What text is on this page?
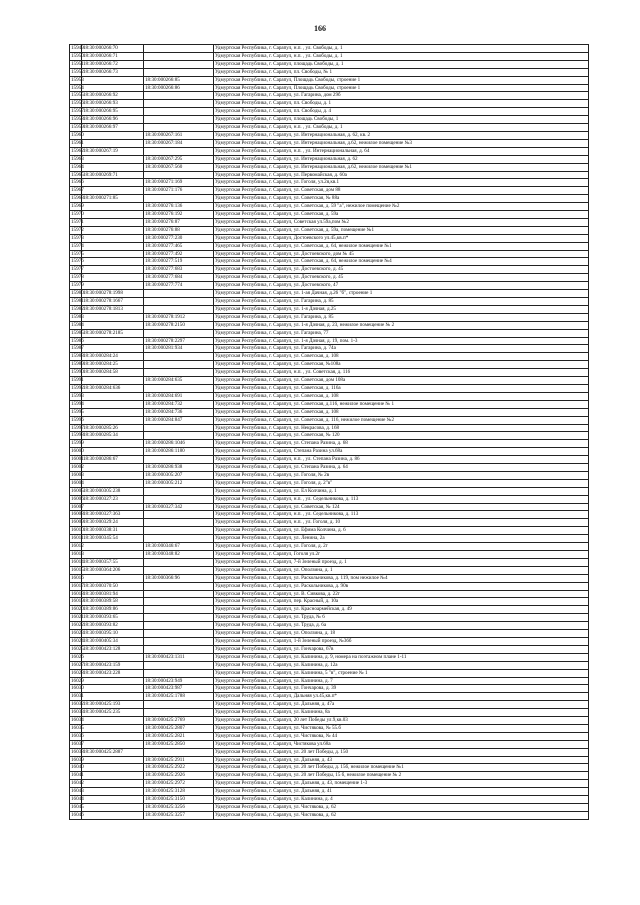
166
15949	18:30:000266:70		Удмуртская Республика, г. Сарапул, н.п. , ул. Свободы, д. 1
15950	18:30:000266:71		Удмуртская Республика, г. Сарапул, н.п. , ул. Свободы, д. 1
15951	18:30:000266:72		Удмуртская Республика, г. Сарапул, площадь Свободы, д. 1
15952	18:30:000266:73		Удмуртская Республика, г. Сарапул, пл. Свободы, № 1
15953		18:30:000266:85	Удмуртская Республика, г. Сарапул, Площадь Свободы, строение 1
15954		18:30:000266:86	Удмуртская Республика, г. Сарапул, Площадь Свободы, строение 1
15955	18:30:000266:92		Удмуртская Республика, г. Сарапул, ул. Гагарина, дом 29б
15956	18:30:000266:93		Удмуртская Республика, г. Сарапул, пл. Свободы, д. 1
15957	18:30:000266:95		Удмуртская Республика, г. Сарапул, пл. Свободы, д. 4
15958	18:30:000266:96		Удмуртская Республика, г. Сарапул, площадь Свободы, 1
15959	18:30:000266:97		Удмуртская Республика, г. Сарапул, н.п. , ул. Свободы, д. 1
15960		18:30:000267:161	Удмуртская Республика, г. Сарапул, ул. Интернациональная, д. 62, кв. 2
15961		18:30:000267:184	Удмуртская Республика, г. Сарапул, ул. Интернациональная, д.62, нежилое помещение №3
15962	18:30:000267:19		Удмуртская Республика, г. Сарапул, н.п. , ул. Интернациональная, д. 64
15963		18:30:000267:295	Удмуртская Республика, г. Сарапул, ул. Интернациональная, д. 62
15964		18:30:000267:560	Удмуртская Республика, г. Сарапул, ул. Интернациональная, д.62, нежилое помещение №1
15965	18:30:000269:71		Удмуртская Республика, г. Сарапул, ул. Первомайская, д. 60а
15966		18:30:000271:169	Удмуртская Республика, г. Сарапул, ул. Гоголя, ул.2я,кв.1
15967		18:30:000271:176	Удмуртская Республика, г. Сарапул, ул. Советская, дом 88
15968	18:30:000271:85		Удмуртская Республика, г. Сарапул, ул. Советская, № 88а
15969		18:30:000276:136	Удмуртская Республика, г. Сарапул, ул. Советская, д. 59 "а", нежилое помещение №2
15970		18:30:000276:192	Удмуртская Республика, г. Сарапул, ул. Советская, д. 59а
15971		18:30:000276:87	Удмуртская Республика, г. Сарапул, Советская ул.59а,пом №2
15972		18:30:000276:88	Удмуртская Республика, г. Сарапул, ул. Советская, д. 59а, помещение №1
15973		18:30:000277:230	Удмуртская Республика, г. Сарапул, Достоевского ул.45,кв.п*
15974		18:30:000277:465	Удмуртская Республика, г. Сарапул, ул. Советская, д. 64, нежилое помещение №1
15975		18:30:000277:492	Удмуртская Республика, г. Сарапул, ул. Достоевского, дом № 45
15976		18:30:000277:519	Удмуртская Республика, г. Сарапул, ул. Советская, д. 64, нежилое помещение №4
15977		18:30:000277:683	Удмуртская Республика, г. Сарапул, ул. Достоевского, д. 45
15978		18:30:000277:684	Удмуртская Республика, г. Сарапул, ул. Достоевского, д. 45
15979		18:30:000277:774	Удмуртская Республика, г. Сарапул, ул. Достоевского, 47
15980	18:30:000278:1998		Удмуртская Республика, г. Сарапул, ул. 1-ая Дачная, д.26 "б", строение 1
15981	18:30:000278:1667		Удмуртская Республика, г. Сарапул, ул. Гагарина, д. 85
15982	18:30:000278:1813		Удмуртская Республика, г. Сарапул, ул. 1-я Дачная, д.25
15983		18:30:000278:1912	Удмуртская Республика, г. Сарапул, ул. Гагарина, д. 85
15984		18:30:000278:2150	Удмуртская Республика, г. Сарапул, ул. 1-я Дачная, д. 23, нежилое помещение № 2
15985	18:30:000278:2185		Удмуртская Республика, г. Сарапул, ул. Гагарина, 77
15986		18:30:000278:2297	Удмуртская Республика, г. Сарапул, ул. 1-я Дачная, д. 19, пом. 1-3
15987		18:30:000281:934	Удмуртская Республика, г. Сарапул, ул. Гагарина, д. 74а
15988	18:30:000284:24		Удмуртская Республика, г. Сарапул, ул. Советская, д. 108
15989	18:30:000284:25		Удмуртская Республика, г. Сарапул, ул. Советская, №108а
15990	18:30:000284:58		Удмуртская Республика, г. Сарапул, н.п. , ул. Советская, д. 116
15991		18:30:000284:635	Удмуртская Республика, г. Сарапул, ул. Советская, дом 108а
15992	18:30:000284:636		Удмуртская Республика, г. Сарапул, ул. Советская, д. 116а
15993		18:30:000284:691	Удмуртская Республика, г. Сарапул, ул. Советская, д. 108
15994		18:30:000284:732	Удмуртская Республика, г. Сарапул, ул. Советская, д.116, нежилое помещение № 1
15995		18:30:000284:736	Удмуртская Республика, г. Сарапул, ул. Советская, д. 108
15996		18:30:000284:847	Удмуртская Республика, г. Сарапул, ул. Советская, д. 116, нежилое помещение №2
15997	18:30:000285:26		Удмуртская Республика, г. Сарапул, ул. Некрасова, д. 168
15998	18:30:000285:34		Удмуртская Республика, г. Сарапул, ул. Советская, № 120
15999		18:30:000286:1046	Удмуртская Республика, г. Сарапул, ул. Степана Разина, д. 68
16000		18:30:000286:1180	Удмуртская Республика, г. Сарапул, Степана Разина ул.68а
16001	18:30:000286:67		Удмуртская Республика, г. Сарапул, н.п. , ул. Степана Разина, д. 86
16002		18:30:000286:938	Удмуртская Республика, г. Сарапул, ул. Степана Разина, д. 64
16003		18:30:000305:207	Удмуртская Республика, г. Сарапул, ул. Гоголя, № 2в
16004		18:30:000305:212	Удмуртская Республика, г. Сарапул, ул. Гоголя, д. 2"в"
16005	18:30:000305:238		Удмуртская Республика, г. Сарапул, ул. Ел Колчина, д. 1
16006	18:30:000327:23		Удмуртская Республика, г. Сарапул, н.п. , ул. Седельникова, д. 113
16007		18:30:000327:342	Удмуртская Республика, г. Сарапул, ул. Советская, № 124
16008	18:30:000327:363		Удмуртская Республика, г. Сарапул, н.п. , ул. Седельникова, д. 113
16009	18:30:000329:24		Удмуртская Республика, г. Сарапул, н.п. , ул. Гоголя, д. 10
16010	18:30:000338:31		Удмуртская Республика, г. Сарапул, ул. Ефима Колчина, д. 6
16011	18:30:000345:54		Удмуртская Республика, г. Сарапул, ул. Ленина, 2а
16012		18:30:000346:67	Удмуртская Республика, г. Сарапул, ул. Гоголя, д. 2г
16013		18:30:000348:82	Удмуртская Республика, г. Сарапул, Гоголя ул.2г
16014	18:30:000357:55		Удмуртская Республика, г. Сарапул, 7-й Зеленый проезд, д. 1
16015	18:30:000364:206		Удмуртская Республика, г. Сарапул, ул. Оползина, д. 1
16016		18:30:000366:96	Удмуртская Республика, г. Сарапул, ул. Раскольникова, д. 119, пом нежилое №4
16017	18:30:000370:50		Удмуртская Республика, г. Сарапул, ул. Раскольникова, д. 90в
16018	18:30:000381:94		Удмуртская Республика, г. Сарапул, ул. В. Сивкова, д. 22г
16019	18:30:000389:58		Удмуртская Республика, г. Сарапул, пер. Красный, д. 10а
16020	18:30:000389:86		Удмуртская Республика, г. Сарапул, ул. Красноармейская, д. 49
16021	18:30:000393:65		Удмуртская Республика, г. Сарапул, ул. Труда, № 6
16022	18:30:000393:82		Удмуртская Республика, г. Сарапул, ул. Труда, д. 6а
16023	18:30:000395:10		Удмуртская Республика, г. Сарапул, ул. Оползина, д. 18
16024	18:30:000405:34		Удмуртская Республика, г. Сарапул, 1-й Зеленый проезд, №36б
16025	18:30:000423:128		Удмуртская Республика, г. Сарапул, ул. Гончарова, 67в
16026		18:30:000423:1311	Удмуртская Республика, г. Сарапул, ул. Калинина, д. 9, номера на поэтажном плане 1-11
16027	18:30:000423:159		Удмуртская Республика, г. Сарапул, ул. Калинина, д. 12а
16028	18:30:000423:228		Удмуртская Республика, г. Сарапул, ул. Калинина, 5 "в", строение № 1
16029		18:30:000423:949	Удмуртская Республика, г. Сарапул, ул. Калинина, д. 7
16030		18:30:000423:987	Удмуртская Республика, г. Сарапул, ул. Гончарова, д. 39
16031		18:30:000425:1788	Удмуртская Республика, г. Сарапул, Дальняя ул.45,кв.п*
16032	18:30:000425:193		Удмуртская Республика, г. Сарапул, ул. Дальняя, д. 47а
16033	18:30:000425:235		Удмуртская Республика, г. Сарапул, ул. Калинина, 8а
16034		18:30:000425:2769	Удмуртская Республика, г. Сарапул, 20 лет Победы ул.9,кв.03
16035		18:30:000425:2807	Удмуртская Республика, г. Сарапул, ул. Чистякова, № 55.б
16036		18:30:000425:2821	Удмуртская Республика, г. Сарапул, ул. Чистякова, № 44
16037		18:30:000425:2850	Удмуртская Республика, г. Сарапул, Чистякова ул.68а
16038	18:30:000425:2887		Удмуртская Республика, г. Сарапул, ул. 20 лет Победы, д. 150
16039		18:30:000425:2911	Удмуртская Республика, г. Сарапул, ул. Дальняя, д. 43
16040		18:30:000425:2922	Удмуртская Республика, г. Сарапул, ул. 20 лет Победы, д. 15б, нежилое помещение №1
16041		18:30:000425:2926	Удмуртская Республика, г. Сарапул, ул. 20 лет Победы, 15 б, нежилое помещение № 2
16042		18:30:000425:2972	Удмуртская Республика, г. Сарапул, ул. Дальняя, д. 43, помещение 1-3
16043		18:30:000425:3128	Удмуртская Республика, г. Сарапул, ул. Дальняя, д. 41
16044		18:30:000425:3150	Удмуртская Республика, г. Сарапул, ул. Калинина, д. 4
16045		18:30:000425:3256	Удмуртская Республика, г. Сарапул, ул. Чистякова, д. 62
16046		18:30:000425:3257	Удмуртская Республика, г. Сарапул, ул. Чистякова, д. 62
